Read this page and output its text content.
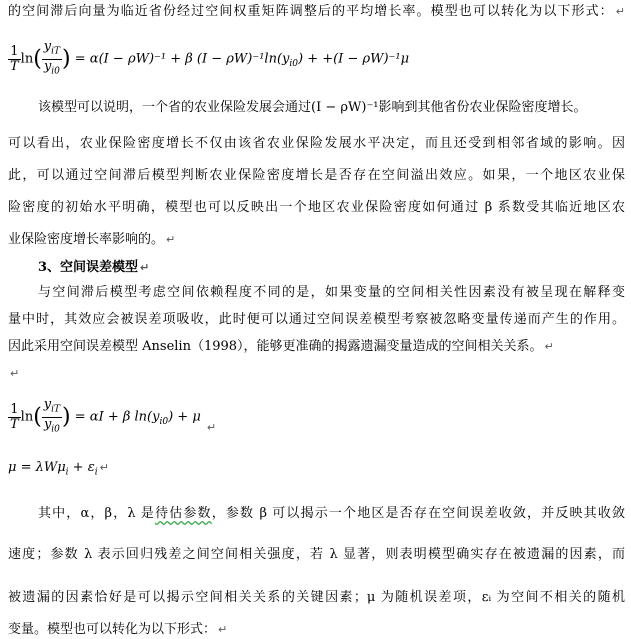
的空间滞后向量为临近省份经过空间权重矩阵调整后的平均增长率。模型也可以转化为以下形式： ↵
$\frac{1}{T} \ln( \frac{y_{iT}}{y_{i0}}$ ) = α(I − ρW)⁻¹ + β $(I - \rho W)^{-1}\ln(y_{i0}) + +(I - \rho W)^{-1}\mu$
该模型可以说明，一个省的农业保险发展会通过(I − ρW)⁻¹影响到其他省份农业保险密度增长。
可以看出，农业保险密度增长不仅由该省农业保险发展水平决定，而且还受到相邻省域的影响。因
此，可以通过空间滞后模型判断农业保险密度增长是否存在空间溢出效应。如果，一个地区农业保
险密度的初始水平明确，模型也可以反映出一个地区农业保险密度如何通过 β 系数受其临近地区农
业保险密度增长率影响的。 ↵
3、空间误差模型 ↵
与空间滞后模型考虑空间依赖程度不同的是，如果变量的空间相关性因素没有被呈现在解释变
量中时，其效应会被误差项吸收，此时便可以通过空间误差模型考察被忽略变量传递而产生的作用。
因此采用空间误差模型 Anselin（1998），能够更准确的揭露遗漏变量造成的空间相关关系。 ↵
↵
$\frac{1}{T} \ln( \frac{y_{iT}}{y_{i0}}$ ) = αI + β $\ln(y_{i0}) + \mu$ $_↵$
$\mu = \lambda W\mu_i + \varepsilon_i$ ↵
其中，α，β，λ 是待估参数，参数 β 可以揭示一个地区是否存在空间误差收敛，并反映其收敛
速度；参数 λ 表示回归残差之间空间相关强度，若 λ 显著，则表明模型确实存在被遗漏的因素，而
被遗漏的因素恰好是可以揭示空间相关关系的关键因素；μ 为随机误差项，εᵢ 为空间不相关的随机
变量。模型也可以转化为以下形式： ↵
